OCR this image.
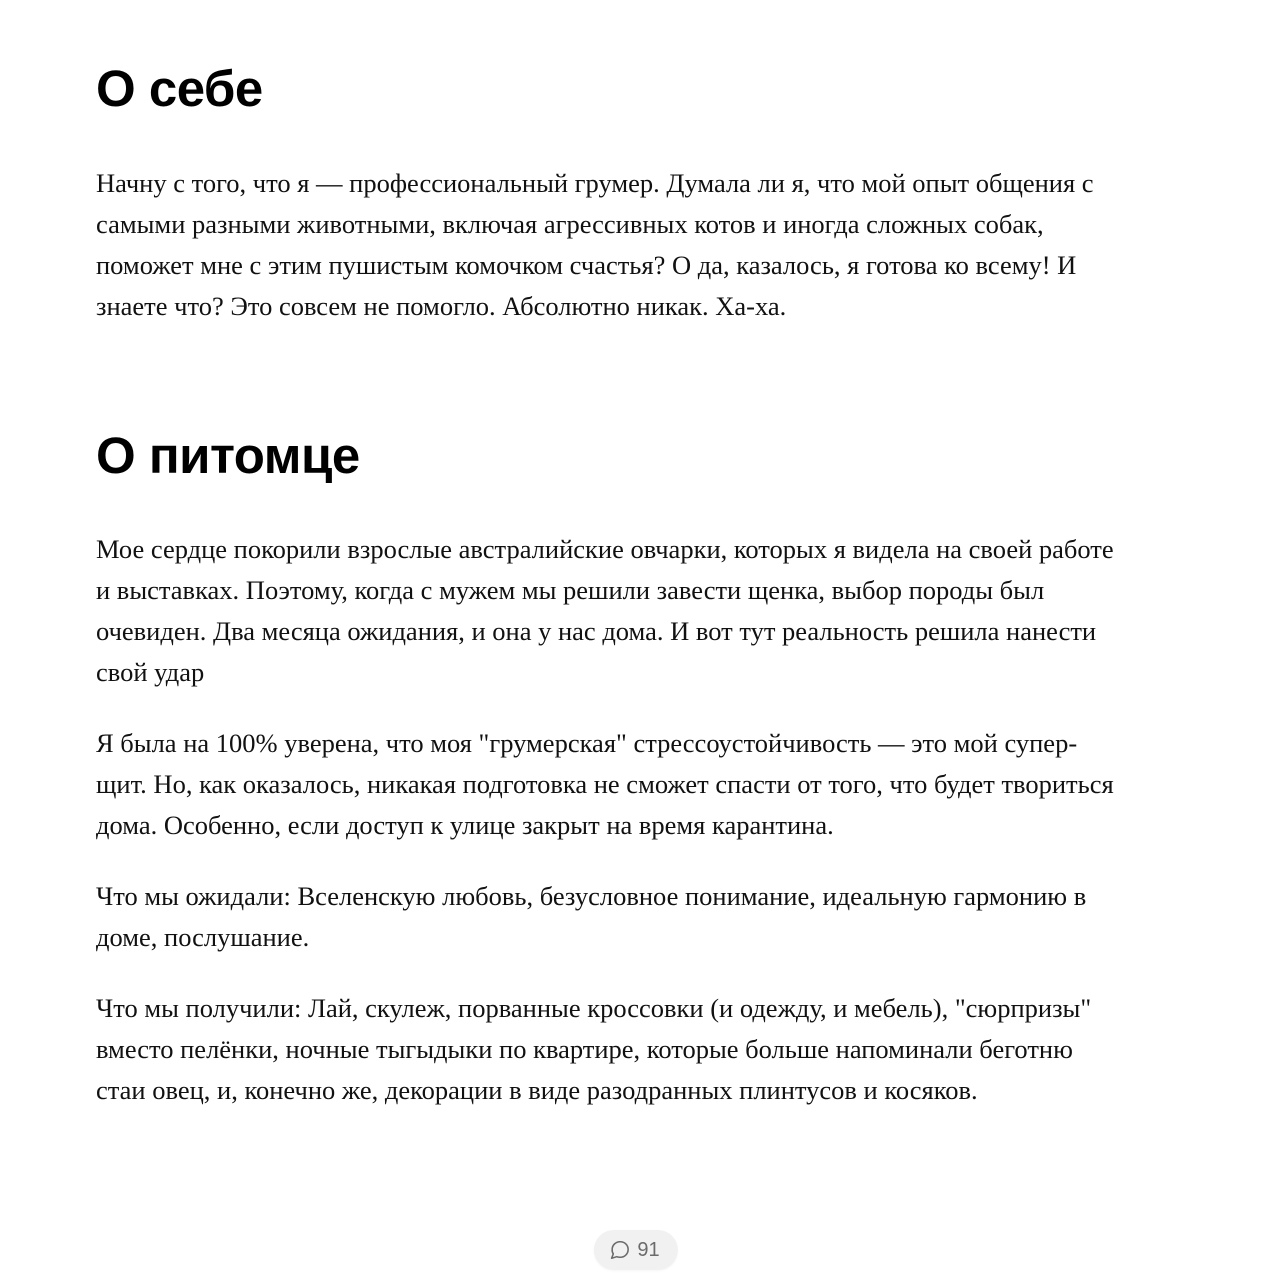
О себе

Начну с того, что я — профессиональный грумер. Думала ли я, что мой опыт общения с самыми разными животными, включая агрессивных котов и иногда сложных собак, поможет мне с этим пушистым комочком счастья? О да, казалось, я готова ко всему! И знаете что? Это совсем не помогло. Абсолютно никак. Ха-ха.

О питомце

Мое сердце покорили взрослые австралийские овчарки, которых я видела на своей работе и выставках. Поэтому, когда с мужем мы решили завести щенка, выбор породы был очевиден. Два месяца ожидания, и она у нас дома. И вот тут реальность решила нанести свой удар

Я была на 100% уверена, что моя "грумерская" стрессоустойчивость — это мой супер-щит. Но, как оказалось, никакая подготовка не сможет спасти от того, что будет твориться дома. Особенно, если доступ к улице закрыт на время карантина.

Что мы ожидали: Вселенскую любовь, безусловное понимание, идеальную гармонию в доме, послушание.

Что мы получили: Лай, скулеж, порванные кроссовки (и одежду, и мебель), "сюрпризы" вместо пелёнки, ночные тыгыдыки по квартире, которые больше напоминали беготню стаи овец, и, конечно же, декорации в виде разодранных плинтусов и косяков.

91
